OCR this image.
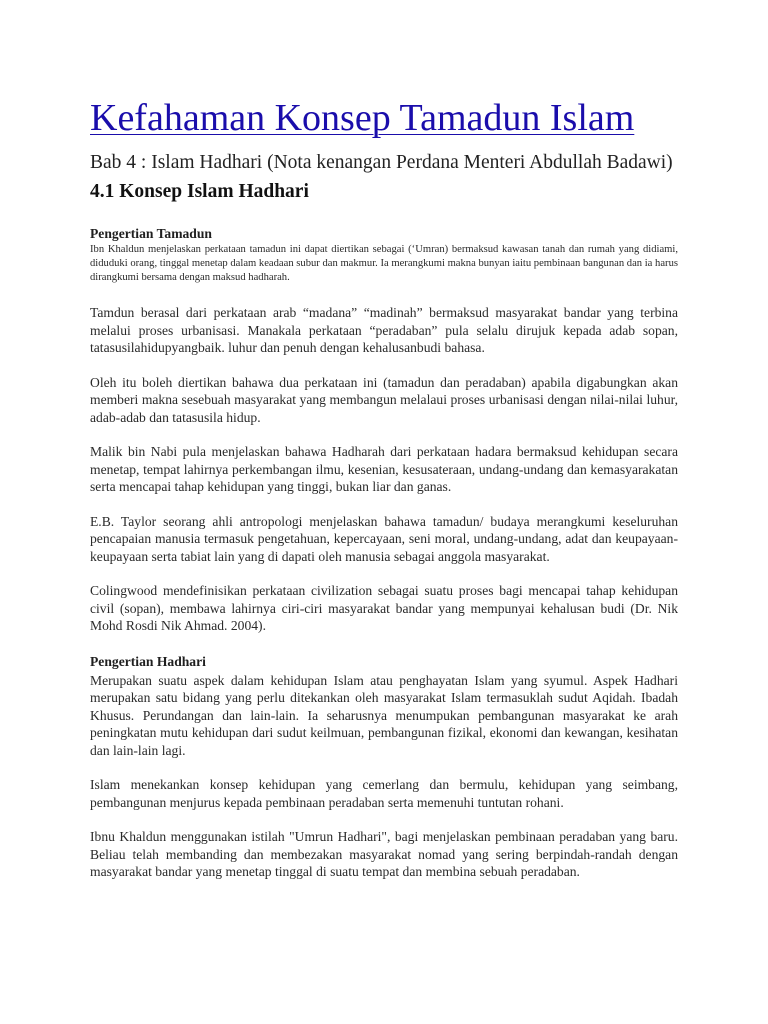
Kefahaman Konsep Tamadun Islam
Bab 4 : Islam Hadhari (Nota kenangan Perdana Menteri Abdullah Badawi)
4.1 Konsep Islam Hadhari
Pengertian Tamadun

Ibn Khaldun menjelaskan perkataan tamadun ini dapat diertikan sebagai (‘Umran) bermaksud kawasan tanah dan rumah yang didiami, diduduki orang, tinggal menetap dalam keadaan subur dan makmur. Ia merangkumi makna bunyan iaitu pembinaan bangunan dan ia harus dirangkumi bersama dengan maksud hadharah.

Tamdun berasal dari perkataan arab “madana” “madinah” bermaksud masyarakat bandar yang terbina melalui proses urbanisasi. Manakala perkataan “peradaban” pula selalu dirujuk kepada adab sopan, tatasusilahidupyangbaik. luhur dan penuh dengan kehalusanbudi bahasa.

Oleh itu boleh diertikan bahawa dua perkataan ini (tamadun dan peradaban) apabila digabungkan akan memberi makna sesebuah masyarakat yang membangun melalaui proses urbanisasi dengan nilai-nilai luhur, adab-adab dan tatasusila hidup.

Malik bin Nabi pula menjelaskan bahawa Hadharah dari perkataan hadara bermaksud kehidupan secara menetap, tempat lahirnya perkembangan ilmu, kesenian, kesusateraan, undang-undang dan kemasyarakatan serta mencapai tahap kehidupan yang tinggi, bukan liar dan ganas.

E.B. Taylor seorang ahli antropologi menjelaskan bahawa tamadun/ budaya merangkumi keseluruhan pencapaian manusia termasuk pengetahuan, kepercayaan, seni moral, undang-undang, adat dan keupayaan-keupayaan serta tabiat lain yang di dapati oleh manusia sebagai anggola masyarakat.

Colingwood mendefinisikan perkataan civilization sebagai suatu proses bagi mencapai tahap kehidupan civil (sopan), membawa lahirnya ciri-ciri masyarakat bandar yang mempunyai kehalusan budi (Dr. Nik Mohd Rosdi Nik Ahmad. 2004).

Pengertian Hadhari

Merupakan suatu aspek dalam kehidupan Islam atau penghayatan Islam yang syumul. Aspek Hadhari merupakan satu bidang yang perlu ditekankan oleh masyarakat Islam termasuklah sudut Aqidah. Ibadah Khusus. Perundangan dan lain-lain. Ia seharusnya menumpukan pembangunan masyarakat ke arah peningkatan mutu kehidupan dari sudut keilmuan, pembangunan fizikal, ekonomi dan kewangan, kesihatan dan lain-lain lagi.

Islam menekankan konsep kehidupan yang cemerlang dan bermulu, kehidupan yang seimbang, pembangunan menjurus kepada pembinaan peradaban serta memenuhi tuntutan rohani.

Ibnu Khaldun menggunakan istilah "Umrun Hadhari", bagi menjelaskan pembinaan peradaban yang baru. Beliau telah membanding dan membezakan masyarakat nomad yang sering berpindah-randah dengan masyarakat bandar yang menetap tinggal di suatu tempat dan membina sebuah peradaban.
